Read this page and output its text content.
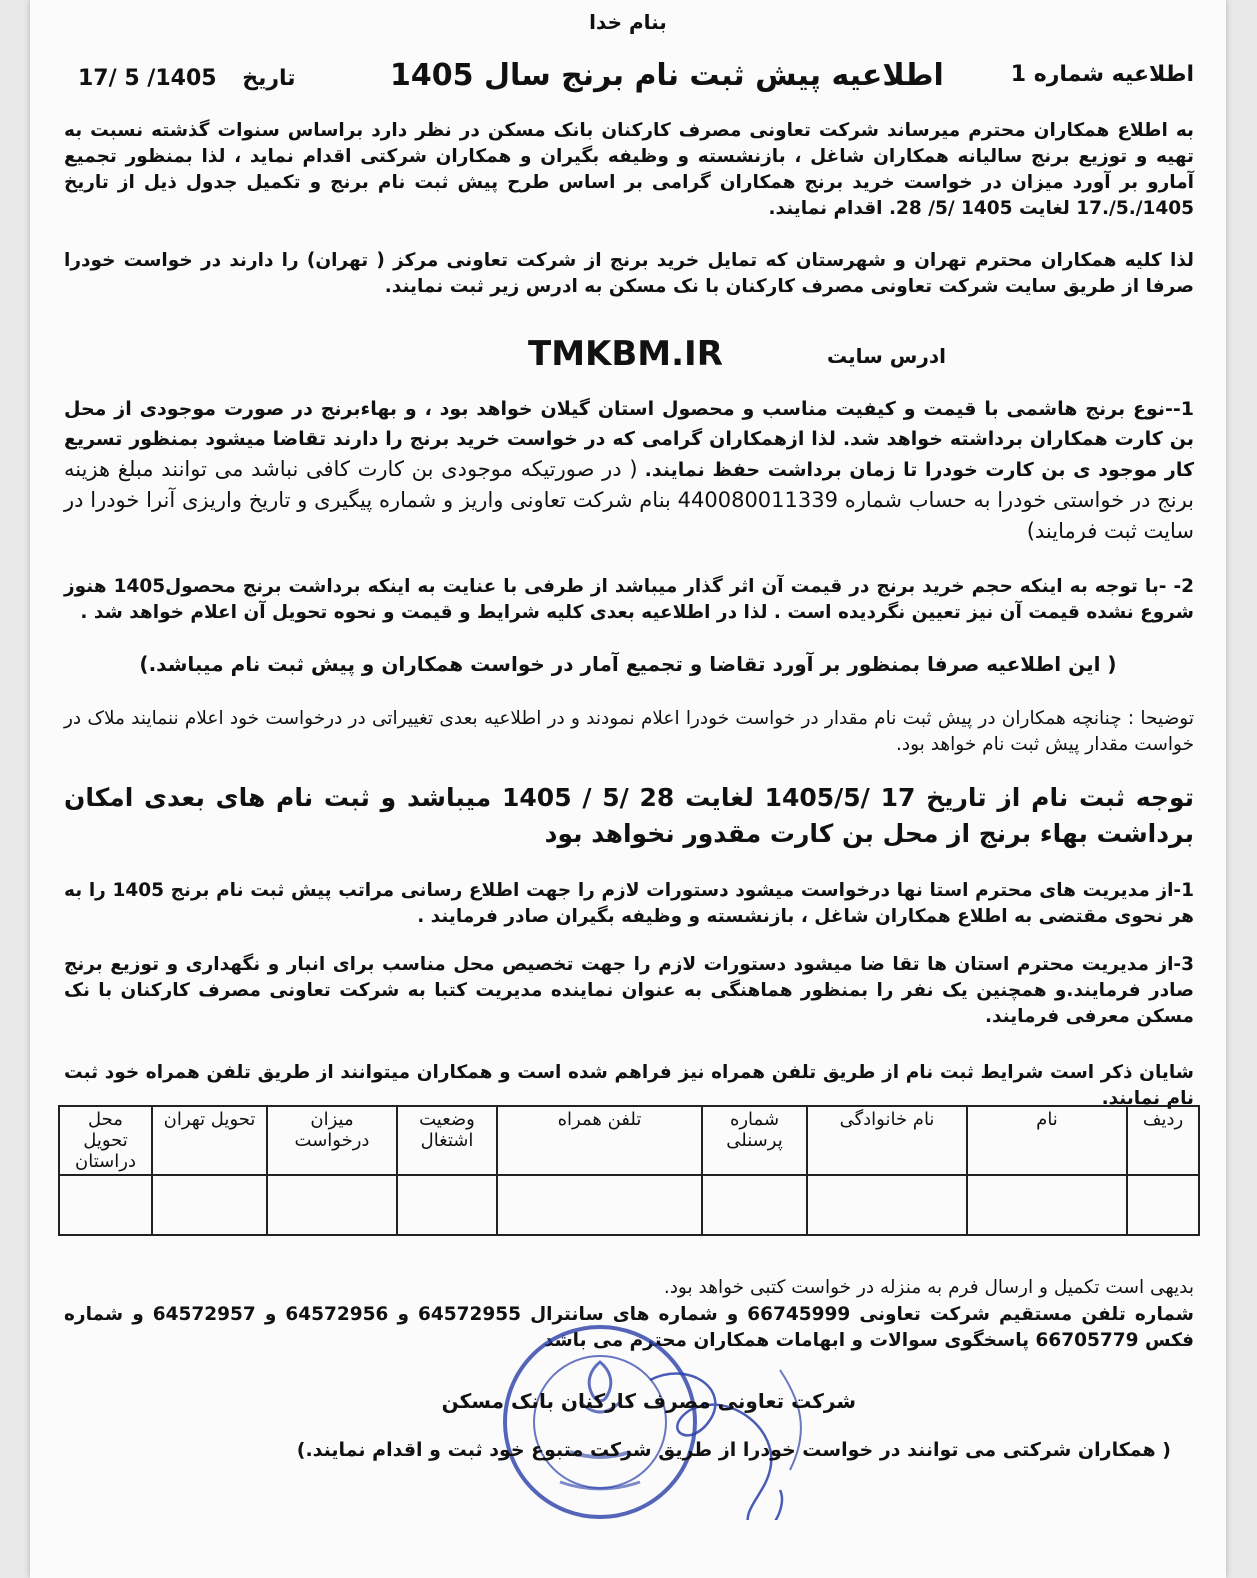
بنام خدا
اطلاعیه شماره 1
اطلاعیه پیش ثبت نام برنج سال 1405
تاریخ 1405/ 5 /17
به اطلاع همکاران محترم میرساند شرکت تعاونی مصرف کارکنان بانک مسکن در نظر دارد براساس سنوات گذشته نسبت به تهیه و توزیع برنج سالیانه همکاران شاغل ، بازنشسته و وظیفه بگیران و همکاران شرکتی اقدام نماید ، لذا بمنظور تجمیع آمارو بر آورد میزان در خواست خرید برنج همکاران گرامی بر اساس طرح پیش ثبت نام برنج و تکمیل جدول ذیل از تاریخ 1405/.5/.17 لغایت 1405 /5/ 28. اقدام نمایند.
لذا کلیه همکاران محترم تهران و شهرستان که تمایل خرید برنج از شرکت تعاونی مرکز ( تهران) را دارند در خواست خودرا صرفا از طریق سایت شرکت تعاونی مصرف کارکنان با نک مسکن به ادرس زیر ثبت نمایند.
ادرس سایت
TMKBM.IR
1--نوع برنج هاشمی با قیمت و کیفیت مناسب و محصول استان گیلان خواهد بود ، و بهاءبرنج در صورت موجودی از محل بن کارت همکاران برداشته خواهد شد. لذا ازهمکاران گرامی که در خواست خرید برنج را دارند تقاضا میشود بمنظور تسریع کار موجود ی بن کارت خودرا تا زمان برداشت حفظ نمایند. ( در صورتیکه موجودی بن کارت کافی نباشد می توانند مبلغ هزینه برنج در خواستی خودرا به حساب شماره 440080011339 بنام شرکت تعاونی واریز و شماره پیگیری و تاریخ واریزی آنرا خودرا در سایت ثبت فرمایند)
2- -با توجه به اینکه حجم خرید برنج در قیمت آن اثر گذار میباشد از طرفی با عنایت به اینکه برداشت برنج محصول1405 هنوز شروع نشده قیمت آن نیز تعیین نگردیده است . لذا در اطلاعیه بعدی کلیه شرایط و قیمت و نحوه تحویل آن اعلام خواهد شد .
( این اطلاعیه صرفا بمنظور بر آورد تقاضا و تجمیع آمار در خواست همکاران و پیش ثبت نام میباشد.)
توضیحا : چنانچه همکاران در پیش ثبت نام مقدار در خواست خودرا اعلام نمودند و در اطلاعیه بعدی تغییراتی در درخواست خود اعلام ننمایند ملاک در خواست مقدار پیش ثبت نام خواهد بود.
توجه ثبت نام از تاریخ 17 /1405/5 لغایت 28 /5 / 1405 میباشد و ثبت نام های بعدی امکان برداشت بهاء برنج از محل بن کارت مقدور نخواهد بود
1-از مدیریت های محترم استا نها درخواست میشود دستورات لازم را جهت اطلاع رسانی مراتب پیش ثبت نام برنج 1405 را به هر نحوی مقتضی به اطلاع همکاران شاغل ، بازنشسته و وظیفه بگیران صادر فرمایند .
3-از مدیریت محترم استان ها تقا ضا میشود دستورات لازم را جهت تخصیص محل مناسب برای انبار و نگهداری و توزیع برنج صادر فرمایند.و همچنین یک نفر را بمنظور هماهنگی به عنوان نماینده مدیریت کتبا به شرکت تعاونی مصرف کارکنان با نک مسکن معرفی فرمایند.
شایان ذکر است شرایط ثبت نام از طریق تلفن همراه نیز فراهم شده است و همکاران میتوانند از طریق تلفن همراه خود ثبت نام نمایند.
ردیف	نام	نام خانوادگی	شماره پرسنلی	تلفن همراه	وضعیت اشتغال	میزان درخواست	تحویل تهران	محل تحویل دراستان

بدیهی است تکمیل و ارسال فرم به منزله در خواست کتبی خواهد بود.
شماره تلفن مستقیم شرکت تعاونی 66745999 و شماره های سانترال 64572955 و 64572956 و 64572957 و شماره فکس 66705779 پاسخگوی سوالات و ابهامات همکاران محترم می باشد
شرکت تعاونی مصرف کارکنان بانک مسکن
( همکاران شرکتی می توانند در خواست خودرا از طریق شرکت متبوع خود ثبت و اقدام نمایند.)
